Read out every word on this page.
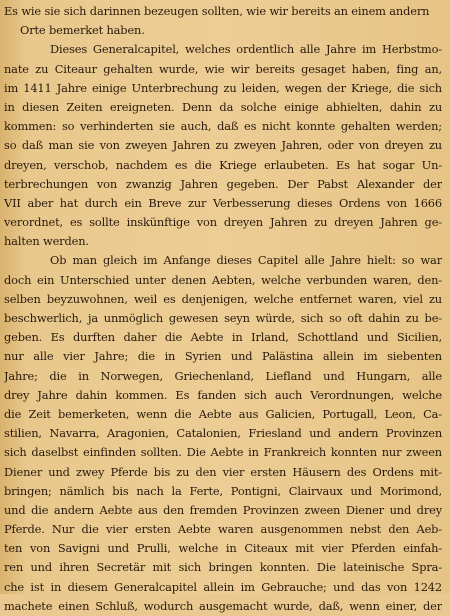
Es wie sie sich darinnen bezeugen sollten, wie wir bereits an einem andern
Orte bemerket haben.
Dieses Generalcapitel, welches ordentlich alle Jahre im Herbstmo-
nate zu Citeaur gehalten wurde, wie wir bereits gesaget haben, fing an,
im 1411 Jahre einige Unterbrechung zu leiden, wegen der Kriege, die sich
in diesen Zeiten ereigneten. Denn da solche einige abhielten, dahin zu
kommen: so verhinderten sie auch, daß es nicht konnte gehalten werden;
so daß man sie von zweyen Jahren zu zweyen Jahren, oder von dreyen zu
dreyen, verschob, nachdem es die Kriege erlaubeten. Es hat sogar Un-
terbrechungen von zwanzig Jahren gegeben. Der Pabst Alexander der
VII aber hat durch ein Breve zur Verbesserung dieses Ordens von 1666
verordnet, es sollte inskünftige von dreyen Jahren zu dreyen Jahren ge-
halten werden.
Ob man gleich im Anfange dieses Capitel alle Jahre hielt: so war
doch ein Unterschied unter denen Aebten, welche verbunden waren, den-
selben beyzuwohnen, weil es denjenigen, welche entfernet waren, viel zu
beschwerlich, ja unmöglich gewesen seyn würde, sich so oft dahin zu be-
geben. Es durften daher die Aebte in Irland, Schottland und Sicilien,
nur alle vier Jahre; die in Syrien und Palästina allein im siebenten
Jahre; die in Norwegen, Griechenland, Liefland und Hungarn, alle
drey Jahre dahin kommen. Es fanden sich auch Verordnungen, welche
die Zeit bemerketen, wenn die Aebte aus Galicien, Portugall, Leon, Ca-
stilien, Navarra, Aragonien, Catalonien, Friesland und andern Provinzen
sich daselbst einfinden sollten. Die Aebte in Frankreich konnten nur zween
Diener und zwey Pferde bis zu den vier ersten Häusern des Ordens mit-
bringen; nämlich bis nach la Ferte, Pontigni, Clairvaux und Morimond,
und die andern Aebte aus den fremden Provinzen zween Diener und drey
Pferde. Nur die vier ersten Aebte waren ausgenommen nebst den Aeb-
ten von Savigni und Prulli, welche in Citeaux mit vier Pferden einfah-
ren und ihren Secretär mit sich bringen konnten. Die lateinische Spra-
che ist in diesem Generalcapitel allein im Gebrauche; und das von 1242
machete einen Schluß, wodurch ausgemacht wurde, daß, wenn einer, der
